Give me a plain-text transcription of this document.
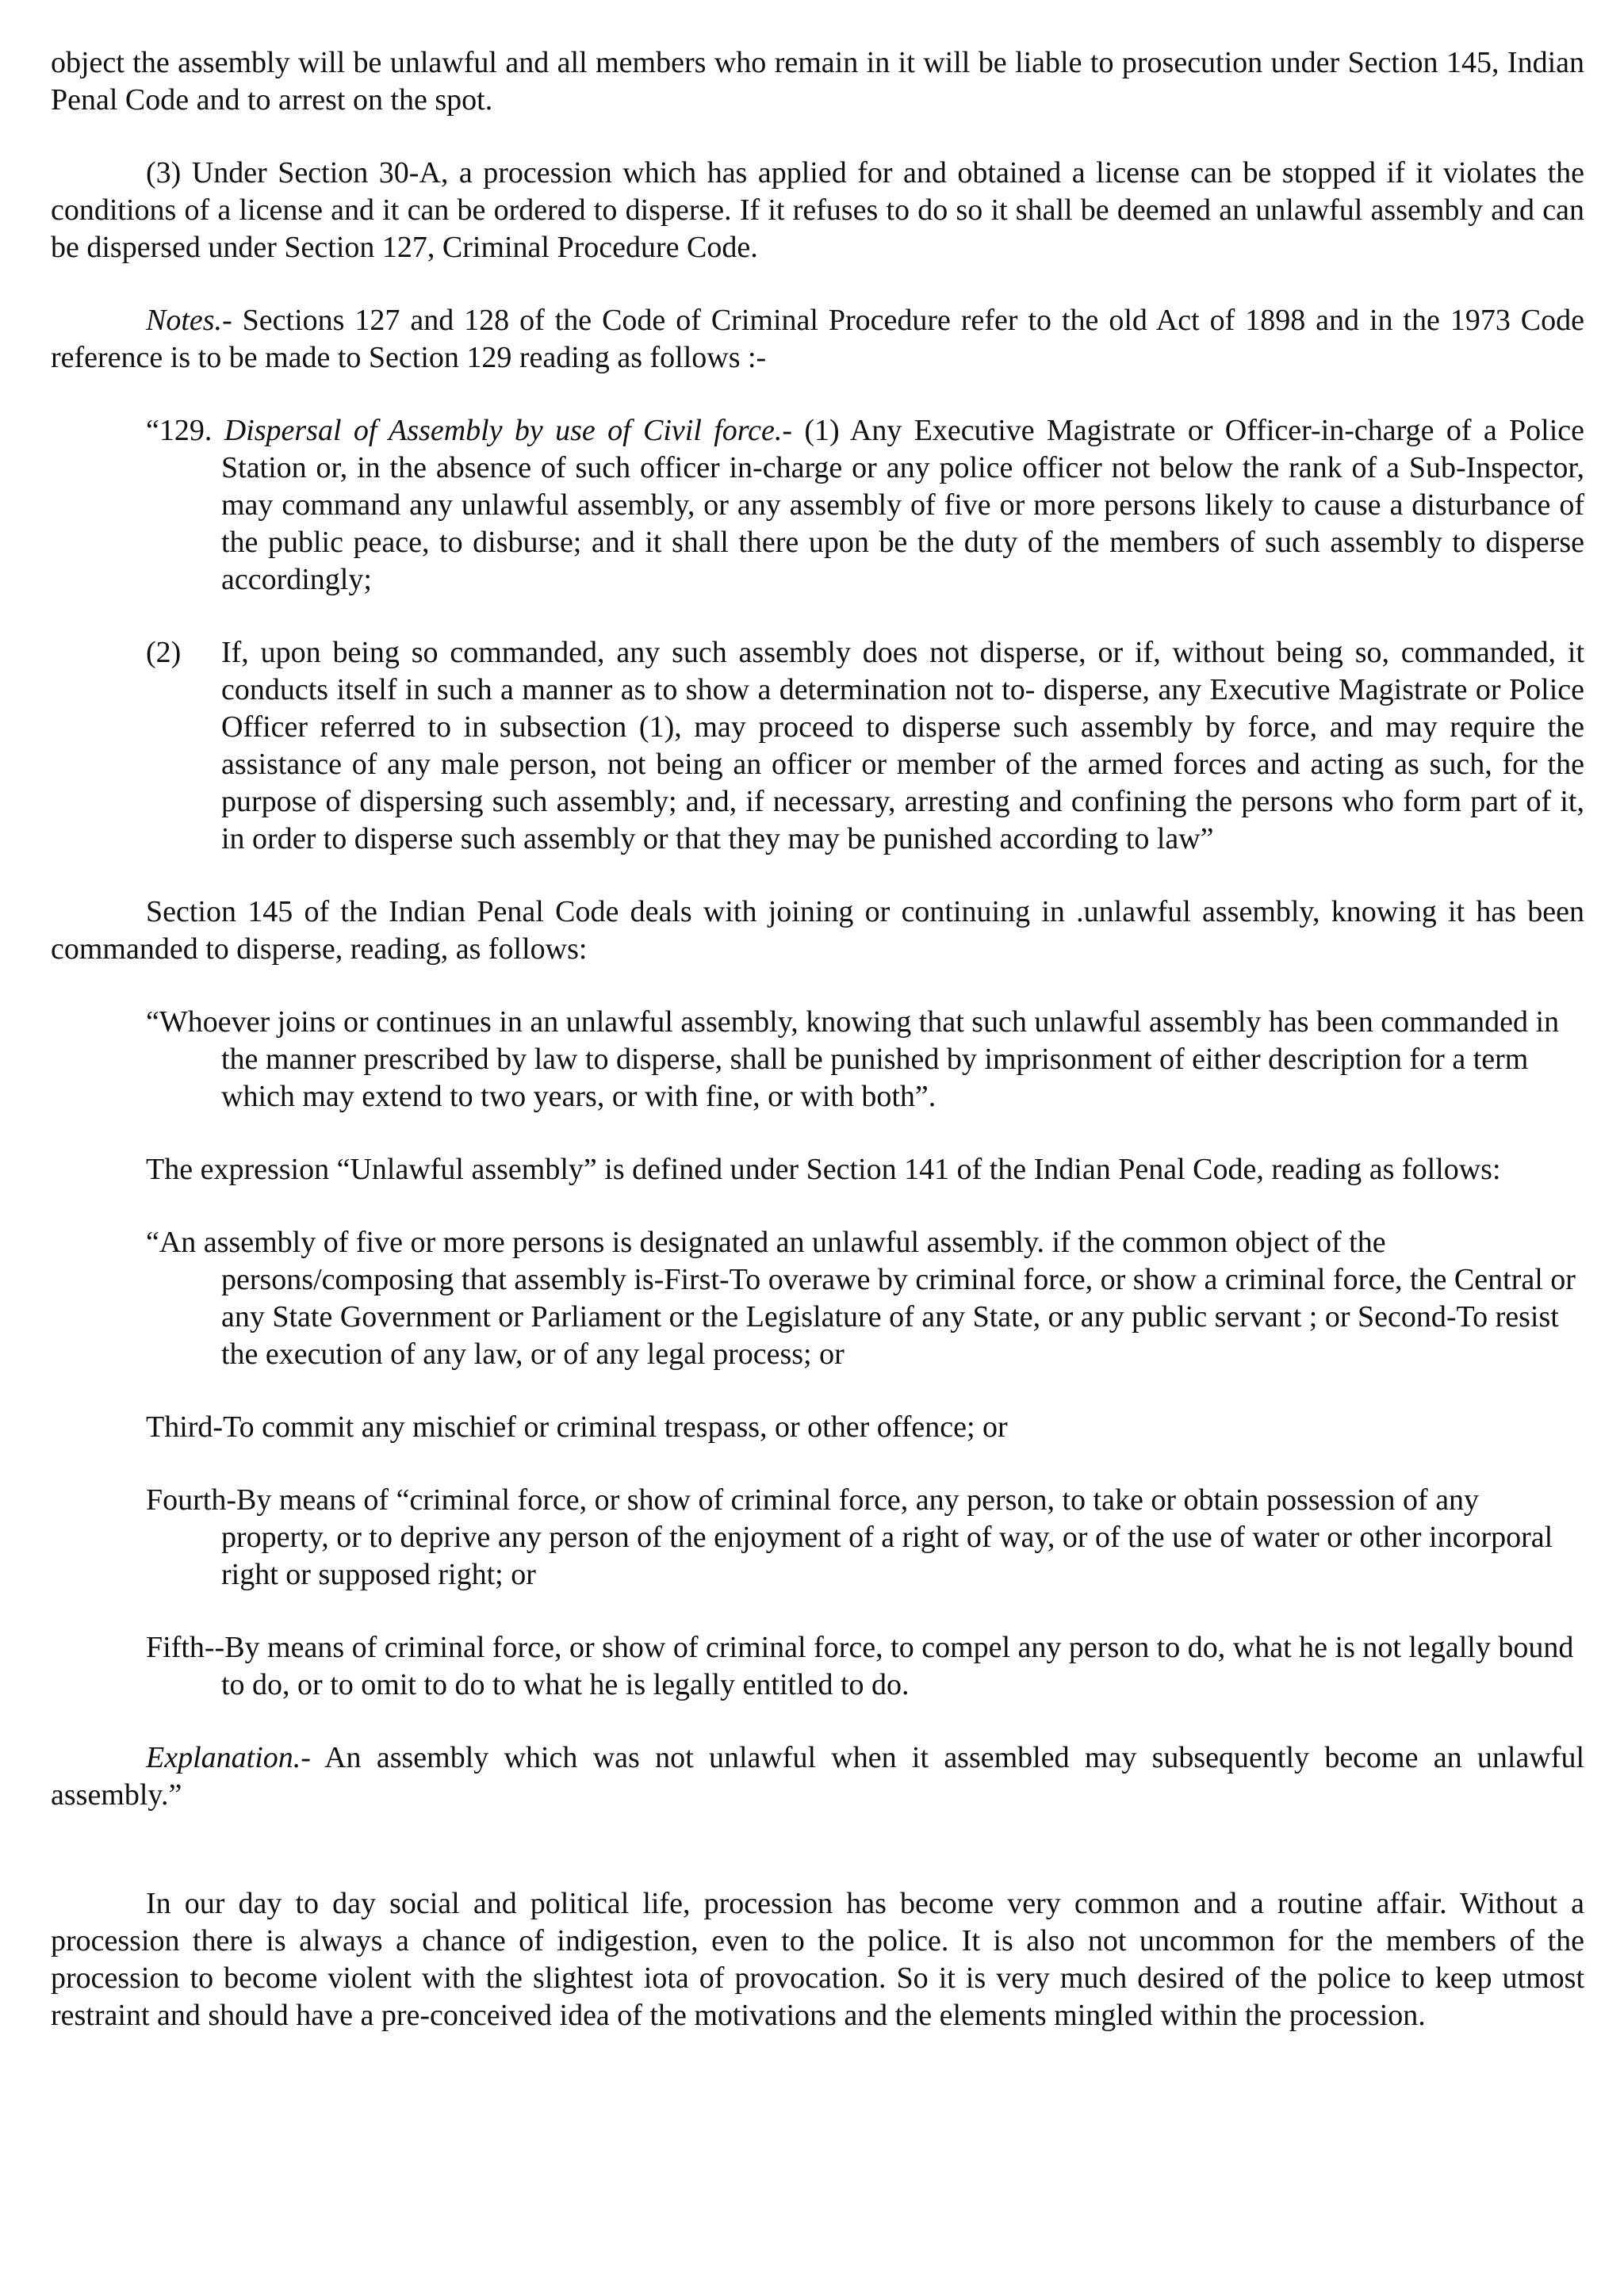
object the assembly will be unlawful and all members who remain in it will be liable to prosecution under Section 145, Indian Penal Code and to arrest on the spot.

(3) Under Section 30-A, a procession which has applied for and obtained a license can be stopped if it violates the conditions of a license and it can be ordered to disperse. If it refuses to do so it shall be deemed an unlawful assembly and can be dispersed under Section 127, Criminal Procedure Code.

Notes.- Sections 127 and 128 of the Code of Criminal Procedure refer to the old Act of 1898 and in the 1973 Code reference is to be made to Section 129 reading as follows :-

“129. Dispersal of Assembly by use of Civil force.- (1) Any Executive Magistrate or Officer-in-charge of a Police Station or, in the absence of such officer in-charge or any police officer not below the rank of a Sub-Inspector, may command any unlawful assembly, or any assembly of five or more persons likely to cause a disturbance of the public peace, to disburse; and it shall there upon be the duty of the members of such assembly to disperse accordingly;

(2)	If, upon being so commanded, any such assembly does not disperse, or if, without being so, commanded, it conducts itself in such a manner as to show a determination not to- disperse, any Executive Magistrate or Police Officer referred to in subsection (1), may proceed to disperse such assembly by force, and may require the assistance of any male person, not being an officer or member of the armed forces and acting as such, for the purpose of dispersing such assembly; and, if necessary, arresting and confining the persons who form part of it, in order to disperse such assembly or that they may be punished according to law”

Section 145 of the Indian Penal Code deals with joining or continuing in .unlawful assembly, knowing it has been commanded to disperse, reading, as follows:

“Whoever joins or continues in an unlawful assembly, knowing that such unlawful assembly has been commanded in the manner prescribed by law to disperse, shall be punished by imprisonment of either description for a term which may extend to two years, or with fine, or with both”.

The expression “Unlawful assembly” is defined under Section 141 of the Indian Penal Code, reading as follows:

“An assembly of five or more persons is designated an unlawful assembly. if the common object of the persons/composing that assembly is-First-To overawe by criminal force, or show a criminal force, the Central or any State Government or Parliament or the Legislature of any State, or any public servant ; or Second-To resist the execution of any law, or of any legal process; or

Third-To commit any mischief or criminal trespass, or other offence; or

Fourth-By means of “criminal force, or show of criminal force, any person, to take or obtain possession of any property, or to deprive any person of the enjoyment of a right of way, or of the use of water or other incorporal right or supposed right; or

Fifth--By means of criminal force, or show of criminal force, to compel any person to do, what he is not legally bound to do, or to omit to do to what he is legally entitled to do.

Explanation.- An assembly which was not unlawful when it assembled may subsequently become an unlawful assembly.”

In our day to day social and political life, procession has become very common and a routine affair. Without a procession there is always a chance of indigestion, even to the police. It is also not uncommon for the members of the procession to become violent with the slightest iota of provocation. So it is very much desired of the police to keep utmost restraint and should have a pre-conceived idea of the motivations and the elements mingled within the procession.
